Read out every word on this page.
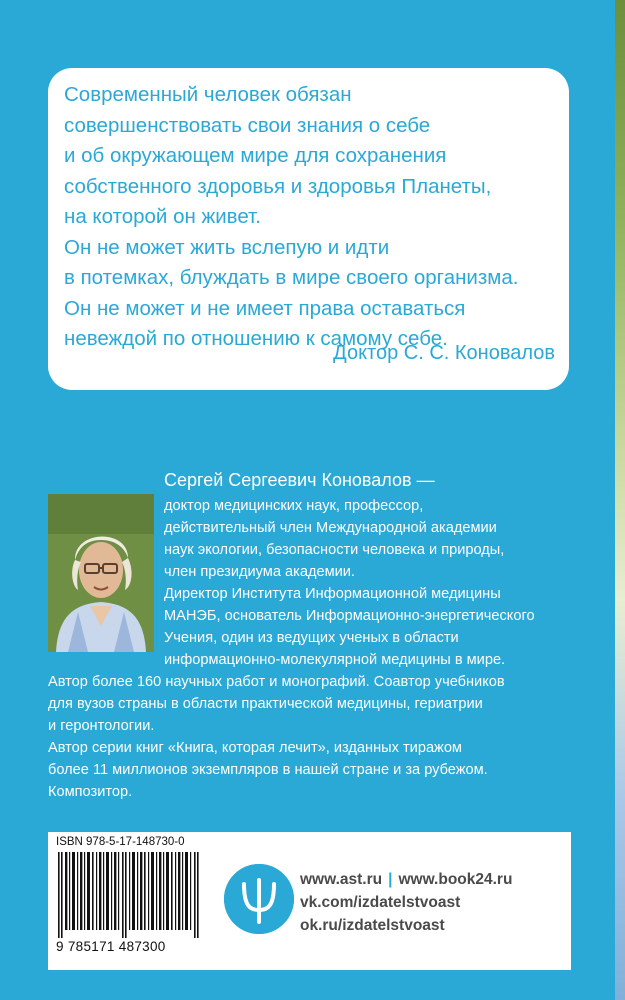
Современный человек обязан
совершенствовать свои знания о себе
и об окружающем мире для сохранения
собственного здоровья и здоровья Планеты,
на которой он живет.
Он не может жить вслепую и идти
в потемках, блуждать в мире своего организма.
Он не может и не имеет права оставаться
невеждой по отношению к самому себе.
Доктор С. С. Коновалов
Сергей Сергеевич Коновалов —
доктор медицинских наук, профессор,
действительный член Международной академии
наук экологии, безопасности человека и природы,
член президиума академии.
Директор Института Информационной медицины
МАНЭБ, основатель Информационно-энергетического
Учения, один из ведущих ученых в области
информационно-молекулярной медицины в мире.
Автор более 160 научных работ и монографий. Соавтор учебников
для вузов страны в области практической медицины, гериатрии
и геронтологии.
Автор серии книг «Книга, которая лечит», изданных тиражом
более 11 миллионов экземпляров в нашей стране и за рубежом.
Композитор.
ISBN 978-5-17-148730-0
9 785171 487300
www.ast.ru | www.book24.ru
vk.com/izdatelstvoast
ok.ru/izdatelstvoast
